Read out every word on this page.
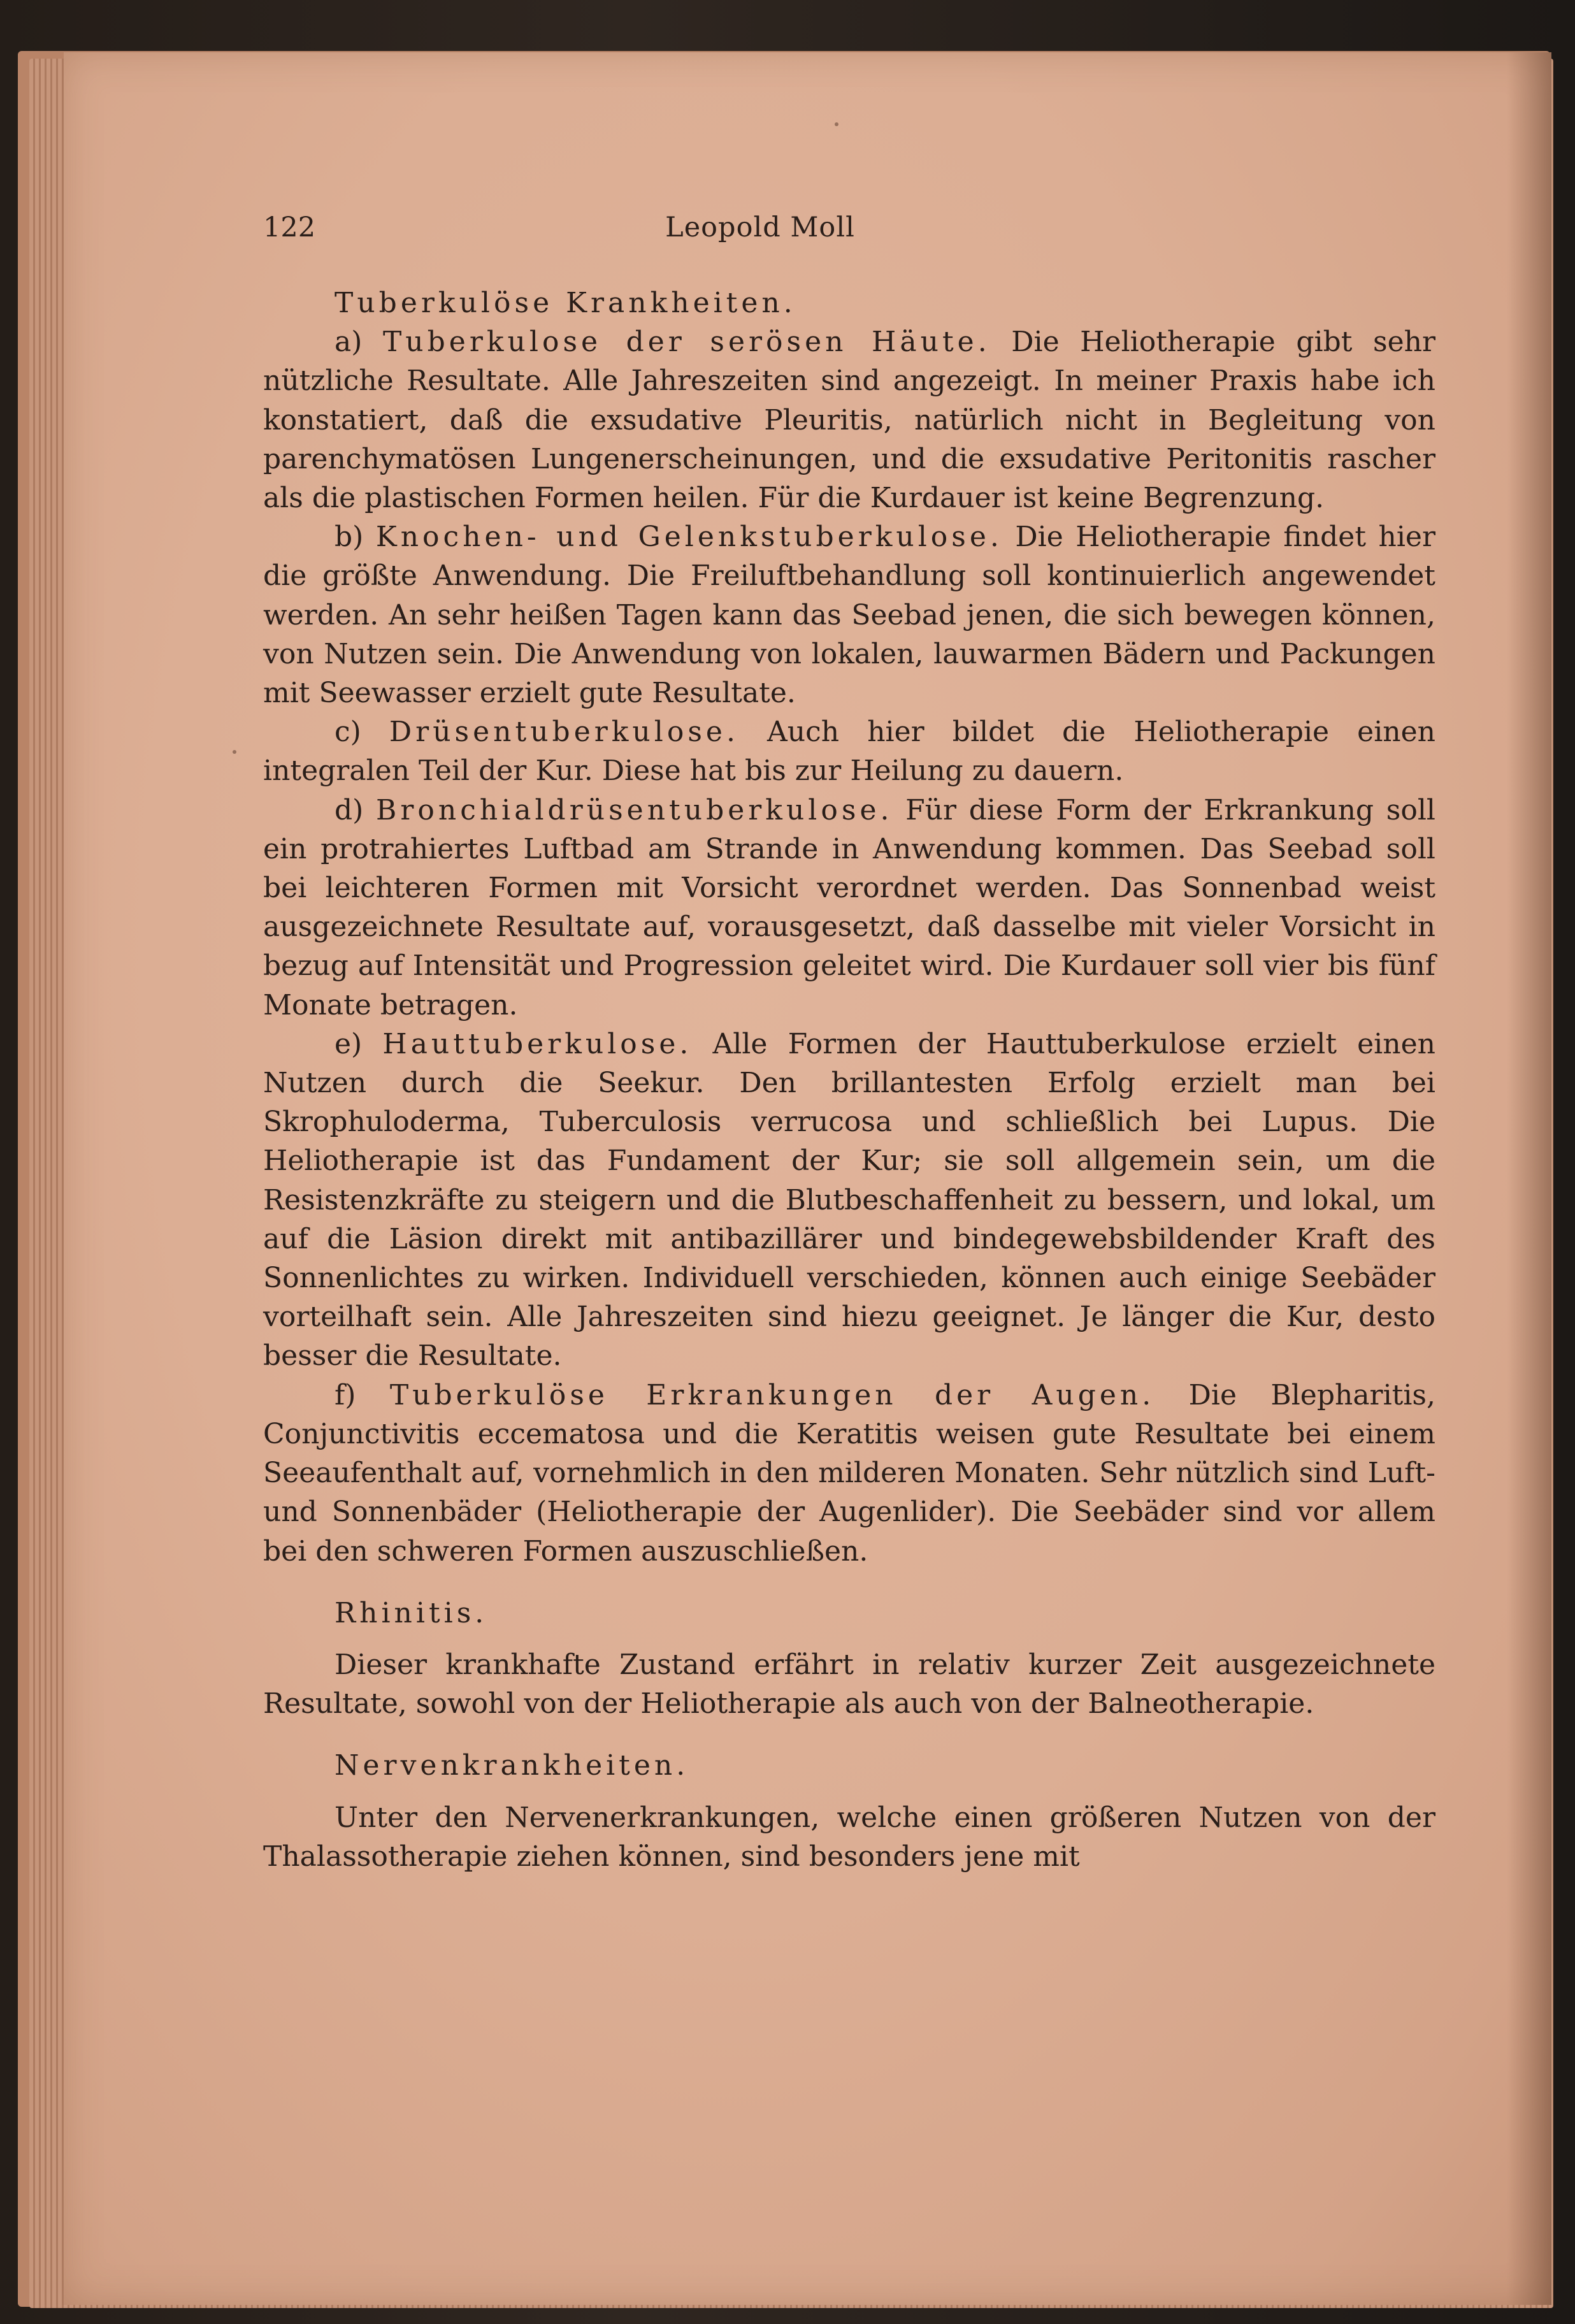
122	Leopold Moll

Tuberkulöse Krankheiten.

a) Tuberkulose der serösen Häute. Die Heliotherapie gibt sehr nützliche Resultate. Alle Jahreszeiten sind angezeigt. In meiner Praxis habe ich konstatiert, daß die exsudative Pleuritis, natürlich nicht in Begleitung von parenchymatösen Lungenerscheinungen, und die exsudative Peritonitis rascher als die plastischen Formen heilen. Für die Kurdauer ist keine Begrenzung.

b) Knochen- und Gelenkstuberkulose. Die Heliotherapie findet hier die größte Anwendung. Die Freiluftbehandlung soll kontinuierlich angewendet werden. An sehr heißen Tagen kann das Seebad jenen, die sich bewegen können, von Nutzen sein. Die Anwendung von lokalen, lauwarmen Bädern und Packungen mit Seewasser erzielt gute Resultate.

c) Drüsentuberkulose. Auch hier bildet die Heliotherapie einen integralen Teil der Kur. Diese hat bis zur Heilung zu dauern.

d) Bronchialdrüsentuberkulose. Für diese Form der Erkrankung soll ein protrahiertes Luftbad am Strande in Anwendung kommen. Das Seebad soll bei leichteren Formen mit Vorsicht verordnet werden. Das Sonnenbad weist ausgezeichnete Resultate auf, vorausgesetzt, daß dasselbe mit vieler Vorsicht in bezug auf Intensität und Progression geleitet wird. Die Kurdauer soll vier bis fünf Monate betragen.

e) Hauttuberkulose. Alle Formen der Hauttuberkulose erzielt einen Nutzen durch die Seekur. Den brillantesten Erfolg erzielt man bei Skrophuloderma, Tuberculosis verrucosa und schließlich bei Lupus. Die Heliotherapie ist das Fundament der Kur; sie soll allgemein sein, um die Resistenzkräfte zu steigern und die Blutbeschaffenheit zu bessern, und lokal, um auf die Läsion direkt mit antibazillärer und bindegewebsbildender Kraft des Sonnenlichtes zu wirken. Individuell verschieden, können auch einige Seebäder vorteilhaft sein. Alle Jahreszeiten sind hiezu geeignet. Je länger die Kur, desto besser die Resultate.

f) Tuberkulöse Erkrankungen der Augen. Die Blepharitis, Conjunctivitis eccematosa und die Keratitis weisen gute Resultate bei einem Seeaufenthalt auf, vornehmlich in den milderen Monaten. Sehr nützlich sind Luft- und Sonnenbäder (Heliotherapie der Augenlider). Die Seebäder sind vor allem bei den schweren Formen auszuschließen.

Rhinitis.

Dieser krankhafte Zustand erfährt in relativ kurzer Zeit ausgezeichnete Resultate, sowohl von der Heliotherapie als auch von der Balneotherapie.

Nervenkrankheiten.

Unter den Nervenerkrankungen, welche einen größeren Nutzen von der Thalassotherapie ziehen können, sind besonders jene mit
